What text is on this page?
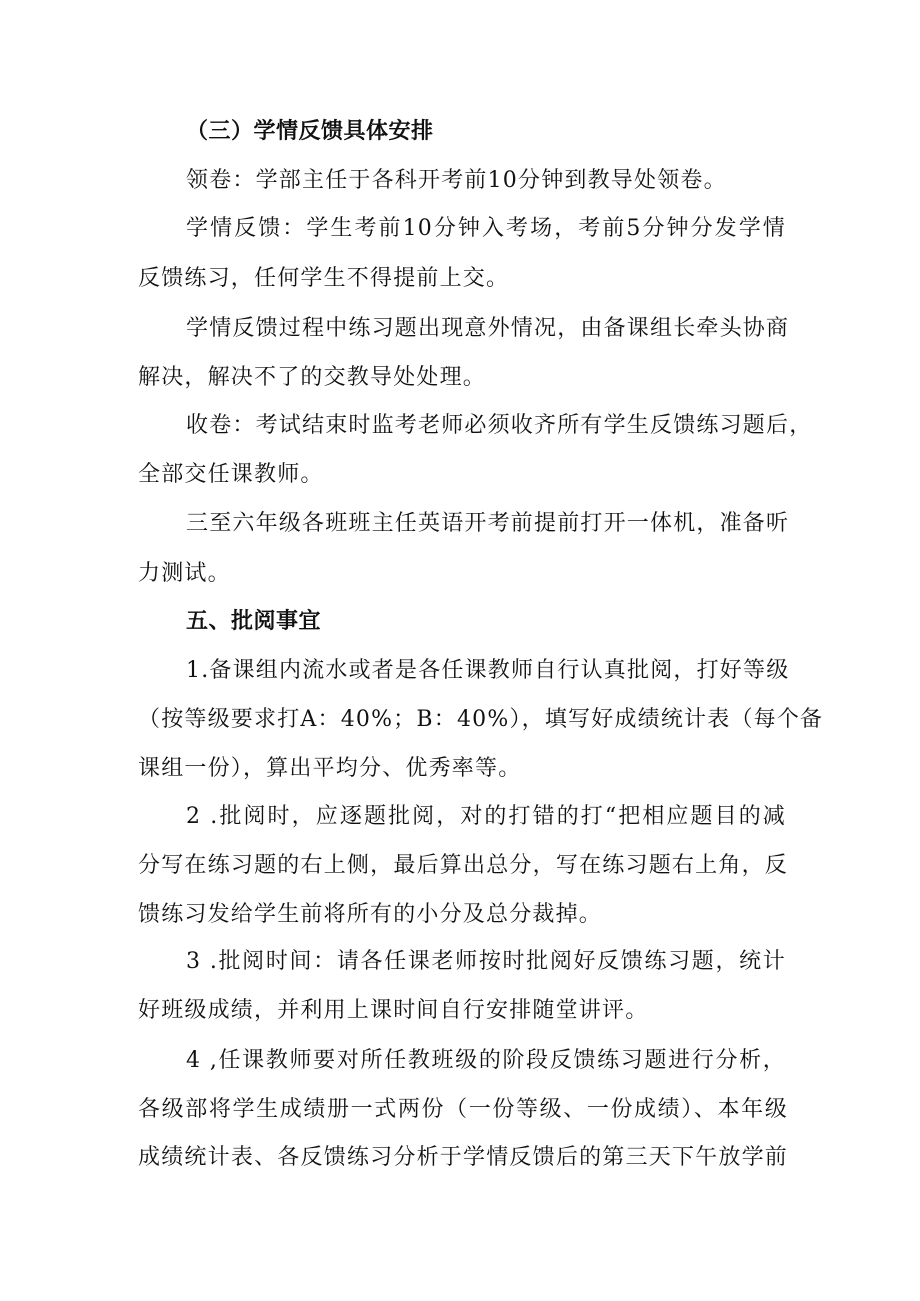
（三）学情反馈具体安排
领卷：学部主任于各科开考前10分钟到教导处领卷。
学情反馈：学生考前10分钟入考场，考前5分钟分发学情
反馈练习，任何学生不得提前上交。
学情反馈过程中练习题出现意外情况，由备课组长牵头协商
解决，解决不了的交教导处处理。
收卷：考试结束时监考老师必须收齐所有学生反馈练习题后，
全部交任课教师。
三至六年级各班班主任英语开考前提前打开一体机，准备听
力测试。
五、批阅事宜
1.备课组内流水或者是各任课教师自行认真批阅，打好等级
（按等级要求打A：40%；B：40%），填写好成绩统计表（每个备
课组一份），算出平均分、优秀率等。
2 .批阅时，应逐题批阅，对的打错的打“把相应题目的减
分写在练习题的右上侧，最后算出总分，写在练习题右上角，反
馈练习发给学生前将所有的小分及总分裁掉。
3 .批阅时间：请各任课老师按时批阅好反馈练习题，统计
好班级成绩，并利用上课时间自行安排随堂讲评。
4 ,任课教师要对所任教班级的阶段反馈练习题进行分析，
各级部将学生成绩册一式两份（一份等级、一份成绩）、本年级
成绩统计表、各反馈练习分析于学情反馈后的第三天下午放学前
